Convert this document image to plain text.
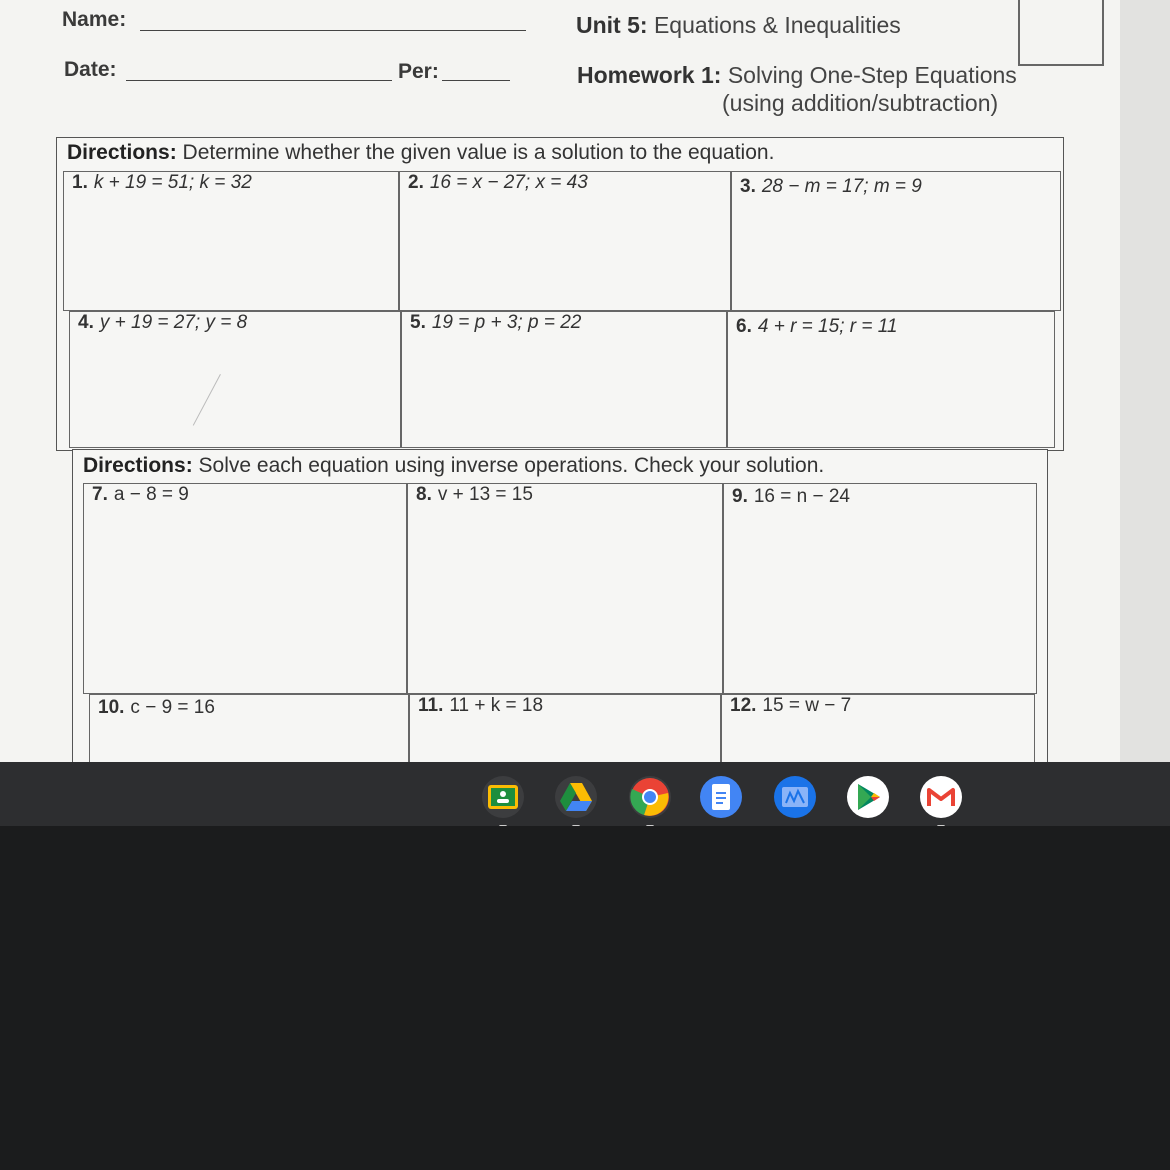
Name:
Date:	Per:
Unit 5: Equations & Inequalities
Homework 1: Solving One-Step Equations
(using addition/subtraction)
Directions: Determine whether the given value is a solution to the equation.
1. k + 19 = 51; k = 32	2. 16 = x − 27; x = 43	3. 28 − m = 17; m = 9
4. y + 19 = 27; y = 8	5. 19 = p + 3; p = 22	6. 4 + r = 15; r = 11
Directions: Solve each equation using inverse operations. Check your solution.
7. a − 8 = 9	8. v + 13 = 15	9. 16 = n − 24
10. c − 9 = 16	11. 11 + k = 18	12. 15 = w − 7
